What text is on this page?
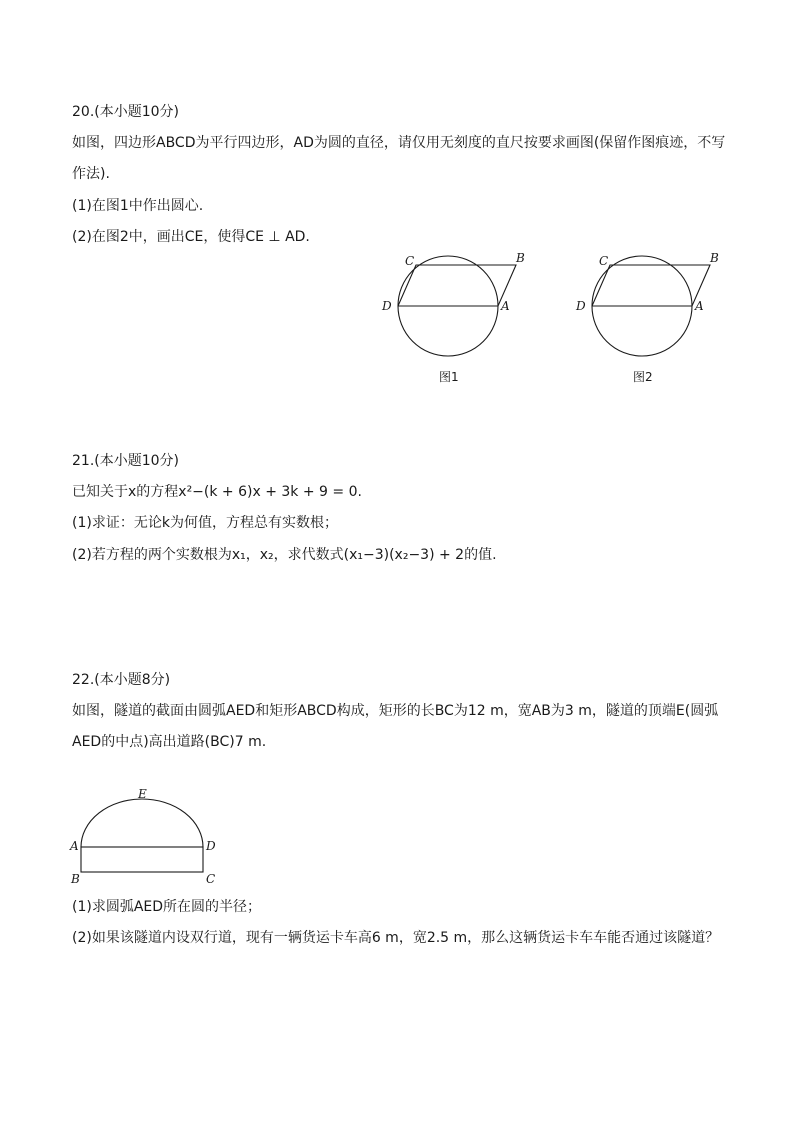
20.(本小题10分)
如图，四边形ABCD为平行四边形，AD为圆的直径，请仅用无刻度的直尺按要求画图(保留作图痕迹，不写
作法).
(1)在图1中作出圆心.
(2)在图2中，画出CE，使得CE ⊥ AD.
C	B
D	A
图1
C	B
D	A
图2
21.(本小题10分)
已知关于x的方程x²−(k + 6)x + 3k + 9 = 0.
(1)求证：无论k为何值，方程总有实数根；
(2)若方程的两个实数根为x₁，x₂，求代数式(x₁−3)(x₂−3) + 2的值.
22.(本小题8分)
如图，隧道的截面由圆弧AED和矩形ABCD构成，矩形的长BC为12 m，宽AB为3 m，隧道的顶端E(圆弧
AED的中点)高出道路(BC)7 m.
E
A	D
B	C
(1)求圆弧AED所在圆的半径；
(2)如果该隧道内设双行道，现有一辆货运卡车高6 m，宽2.5 m，那么这辆货运卡车车能否通过该隧道？
